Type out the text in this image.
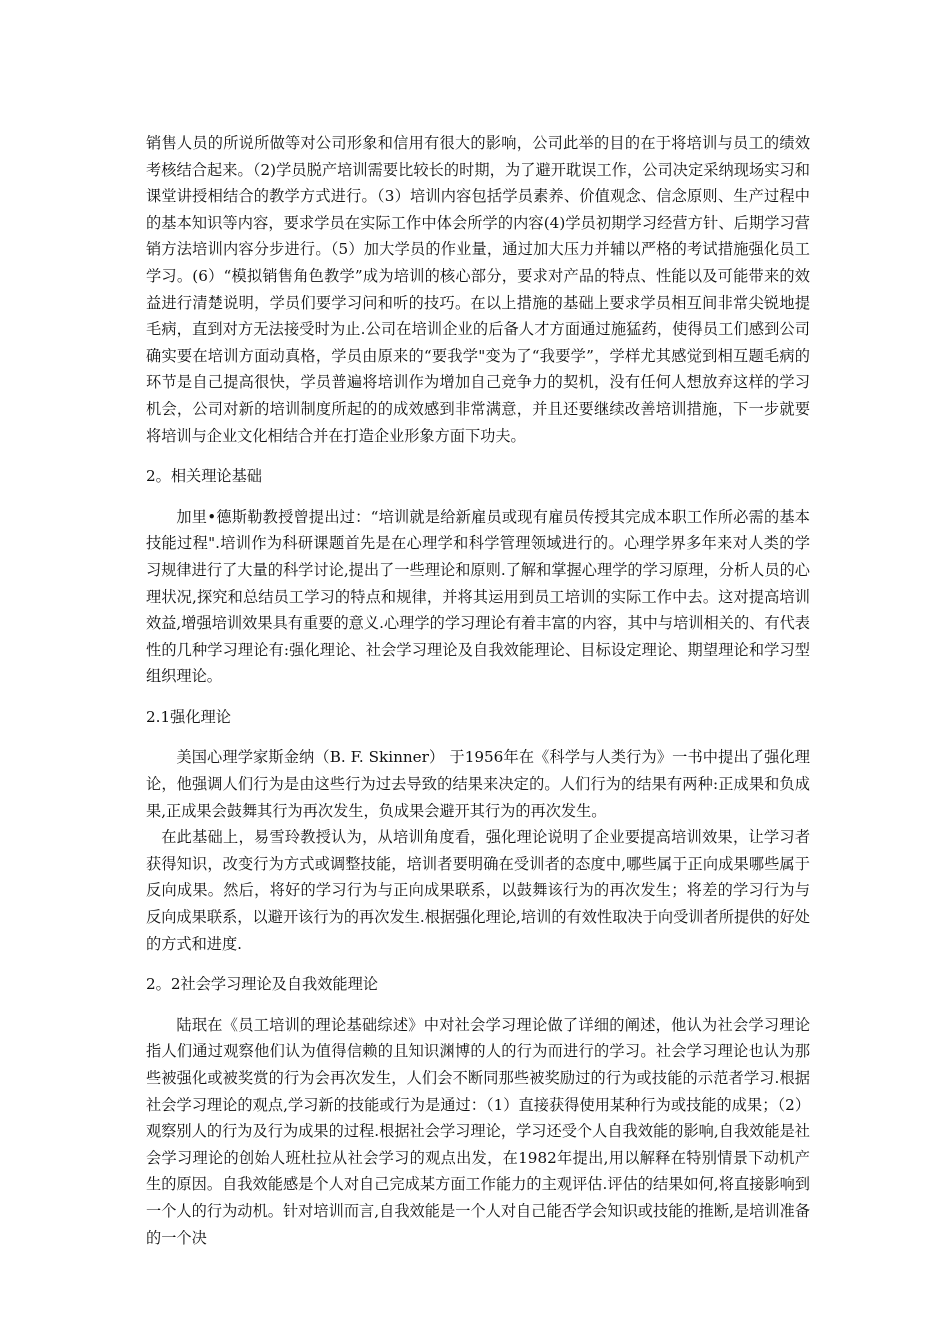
销售人员的所说所做等对公司形象和信用有很大的影响，公司此举的目的在于将培训与员工的绩效考核结合起来。（2)学员脱产培训需要比较长的时期，为了避开耽误工作，公司决定采纳现场实习和课堂讲授相结合的教学方式进行。（3）培训内容包括学员素养、价值观念、信念原则、生产过程中的基本知识等内容，要求学员在实际工作中体会所学的内容(4)学员初期学习经营方针、后期学习营销方法培训内容分步进行。（5）加大学员的作业量，通过加大压力并辅以严格的考试措施强化员工学习。(6）“模拟销售角色教学”成为培训的核心部分，要求对产品的特点、性能以及可能带来的效益进行清楚说明，学员们要学习问和听的技巧。在以上措施的基础上要求学员相互间非常尖锐地提毛病，直到对方无法接受时为止.公司在培训企业的后备人才方面通过施猛药，使得员工们感到公司确实要在培训方面动真格，学员由原来的“要我学"变为了“我要学”，学样尤其感觉到相互题毛病的环节是自己提高很快，学员普遍将培训作为增加自己竞争力的契机，没有任何人想放弃这样的学习机会，公司对新的培训制度所起的的成效感到非常满意，并且还要继续改善培训措施，下一步就要将培训与企业文化相结合并在打造企业形象方面下功夫。

2。相关理论基础

加里•德斯勒教授曾提出过：“培训就是给新雇员或现有雇员传授其完成本职工作所必需的基本技能过程".培训作为科研课题首先是在心理学和科学管理领域进行的。心理学界多年来对人类的学习规律进行了大量的科学讨论,提出了一些理论和原则.了解和掌握心理学的学习原理，分析人员的心理状况,探究和总结员工学习的特点和规律，并将其运用到员工培训的实际工作中去。这对提高培训效益,增强培训效果具有重要的意义.心理学的学习理论有着丰富的内容，其中与培训相关的、有代表性的几种学习理论有:强化理论、社会学习理论及自我效能理论、目标设定理论、期望理论和学习型组织理论。

2.1强化理论

美国心理学家斯金纳（B. F. Skinner） 于1956年在《科学与人类行为》一书中提出了强化理论，他强调人们行为是由这些行为过去导致的结果来决定的。人们行为的结果有两种:正成果和负成果,正成果会鼓舞其行为再次发生，负成果会避开其行为的再次发生。

在此基础上，易雪玲教授认为，从培训角度看，强化理论说明了企业要提高培训效果，让学习者获得知识，改变行为方式或调整技能，培训者要明确在受训者的态度中,哪些属于正向成果哪些属于反向成果。然后，将好的学习行为与正向成果联系，以鼓舞该行为的再次发生；将差的学习行为与反向成果联系，以避开该行为的再次发生.根据强化理论,培训的有效性取决于向受训者所提供的好处的方式和进度.

2。2社会学习理论及自我效能理论

陆珉在《员工培训的理论基础综述》中对社会学习理论做了详细的阐述，他认为社会学习理论指人们通过观察他们认为值得信赖的且知识渊博的人的行为而进行的学习。社会学习理论也认为那些被强化或被奖赏的行为会再次发生，人们会不断同那些被奖励过的行为或技能的示范者学习.根据社会学习理论的观点,学习新的技能或行为是通过：（1）直接获得使用某种行为或技能的成果；（2）观察别人的行为及行为成果的过程.根据社会学习理论，学习还受个人自我效能的影响,自我效能是社会学习理论的创始人班杜拉从社会学习的观点出发，在1982年提出,用以解释在特别情景下动机产生的原因。自我效能感是个人对自己完成某方面工作能力的主观评估.评估的结果如何,将直接影响到一个人的行为动机。针对培训而言,自我效能是一个人对自己能否学会知识或技能的推断,是培训准备的一个决
